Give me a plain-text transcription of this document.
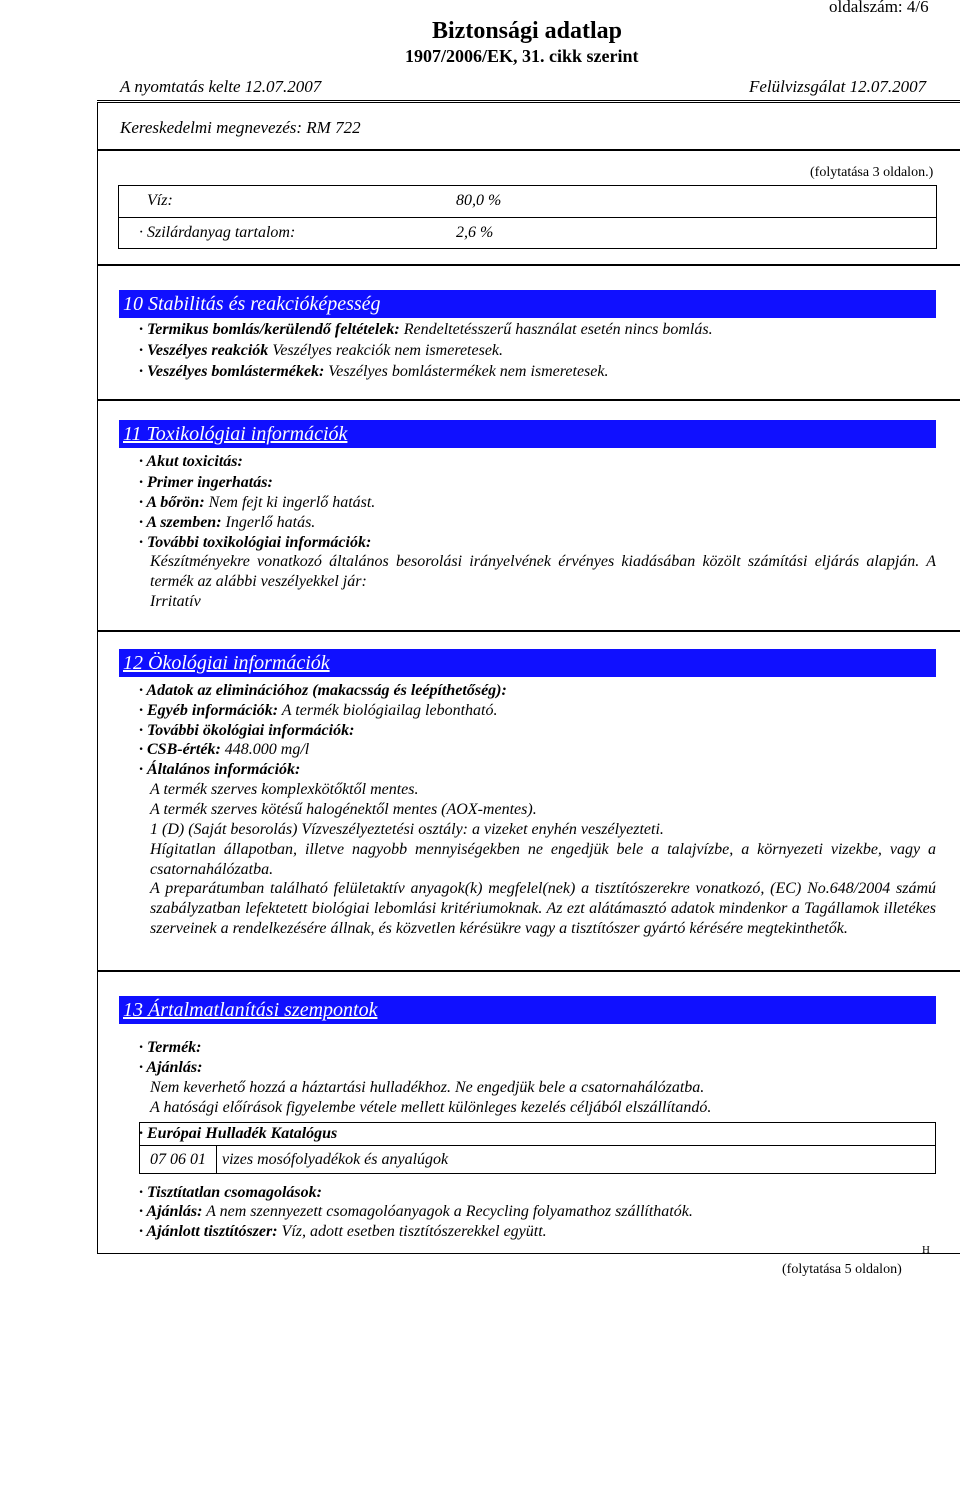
oldalszám: 4/6
Biztonsági adatlap
1907/2006/EK, 31. cikk szerint
A nyomtatás kelte 12.07.2007	Felülvizsgálat 12.07.2007
Kereskedelmi megnevezés: RM 722
(folytatása 3 oldalon.)
Víz:	80,0 %
· Szilárdanyag tartalom:	2,6 %
10 Stabilitás és reakcióképesség
· Termikus bomlás/kerülendő feltételek: Rendeltetésszerű használat esetén nincs bomlás.
· Veszélyes reakciók Veszélyes reakciók nem ismeretesek.
· Veszélyes bomlástermékek: Veszélyes bomlástermékek nem ismeretesek.
11 Toxikológiai információk
· Akut toxicitás:
· Primer ingerhatás:
· A bőrön: Nem fejt ki ingerlő hatást.
· A szemben: Ingerlő hatás.
· További toxikológiai információk:
Készítményekre vonatkozó általános besorolási irányelvének érvényes kiadásában közölt számítási eljárás alapján. A termék az alábbi veszélyekkel jár:
Irritatív
12 Ökológiai információk
· Adatok az eliminációhoz (makacsság és leépíthetőség):
· Egyéb információk: A termék biológiailag lebontható.
· További ökológiai információk:
· CSB-érték: 448.000 mg/l
· Általános információk:
A termék szerves komplexkötőktől mentes.
A termék szerves kötésű halogénektől mentes (AOX-mentes).
1 (D) (Saját besorolás) Vízveszélyeztetési osztály: a vizeket enyhén veszélyezteti.
Hígitatlan állapotban, illetve nagyobb mennyiségekben ne engedjük bele a talajvízbe, a környezeti vizekbe, vagy a csatornahálózatba.
A preparátumban található felületaktív anyagok(k) megfelel(nek) a tisztítószerekre vonatkozó, (EC) No.648/2004 számú szabályzatban lefektetett biológiai lebomlási kritériumoknak. Az ezt alátámasztó adatok mindenkor a Tagállamok illetékes szerveinek a rendelkezésére állnak, és közvetlen kérésükre vagy a tisztítószer gyártó kérésére megtekinthetők.
13 Ártalmatlanítási szempontok
· Termék:
· Ajánlás:
Nem keverhető hozzá a háztartási hulladékhoz. Ne engedjük bele a csatornahálózatba.
A hatósági előírások figyelembe vétele mellett különleges kezelés céljából elszállítandó.
· Európai Hulladék Katalógus
07 06 01 vizes mosófolyadékok és anyalúgok
· Tisztítatlan csomagolások:
· Ajánlás: A nem szennyezett csomagolóanyagok a Recycling folyamathoz szállíthatók.
· Ajánlott tisztítószer: Víz, adott esetben tisztítószerekkel együtt.
H
(folytatása 5 oldalon)
